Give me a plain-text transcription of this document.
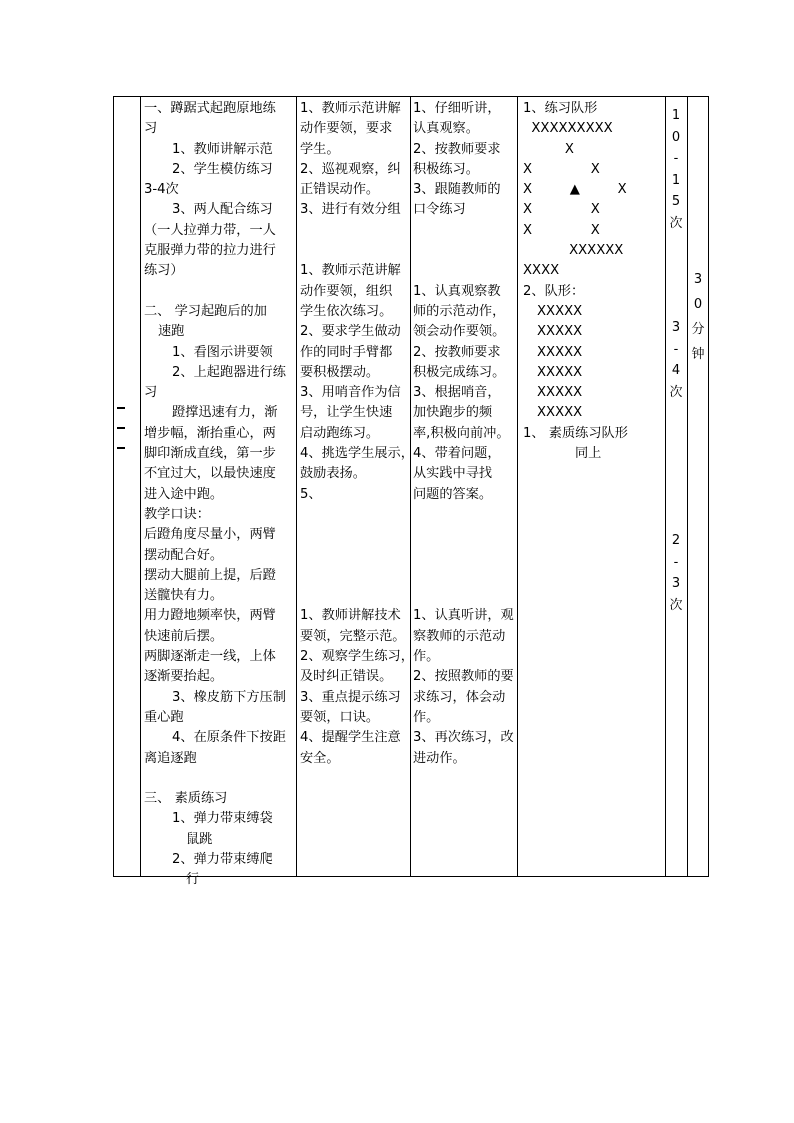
一、蹲踞式起跑原地练
习
1、教师讲解示范
2、学生模仿练习
3-4次
3、两人配合练习
（一人拉弹力带，一人
克服弹力带的拉力进行
练习）

二、 学习起跑后的加
速跑
1、看图示讲要领
2、上起跑器进行练
习
蹬撑迅速有力，渐
增步幅，渐抬重心，两
脚印渐成直线，第一步
不宜过大，以最快速度
进入途中跑。
教学口诀：
后蹬角度尽量小，两臂
摆动配合好。
摆动大腿前上提，后蹬
送髋快有力。
用力蹬地频率快，两臂
快速前后摆。
两脚逐渐走一线，上体
逐渐要抬起。
3、橡皮筋下方压制
重心跑
4、在原条件下按距
离追逐跑

三、 素质练习
1、弹力带束缚袋
鼠跳
2、弹力带束缚爬
行
1、教师示范讲解
动作要领，要求
学生。
2、巡视观察，纠
正错误动作。
3、进行有效分组

1、教师示范讲解
动作要领，组织
学生依次练习。
2、要求学生做动
作的同时手臂都
要积极摆动。
3、用哨音作为信
号，让学生快速
启动跑练习。
4、挑选学生展示，
鼓励表扬。
5、

1、教师讲解技术
要领，完整示范。
2、观察学生练习，
及时纠正错误。
3、重点提示练习
要领，口诀。
4、提醒学生注意
安全。
1、仔细听讲，
认真观察。
2、按教师要求
积极练习。
3、跟随教师的
口令练习

1、认真观察教
师的示范动作，
领会动作要领。
2、按教师要求
积极完成练习。
3、根据哨音，
加快跑步的频
率,积极向前冲。
4、带着问题，
从实践中寻找
问题的答案。

1、认真听讲，观
察教师的示范动
作。
2、按照教师的要
求练习，体会动
作。
3、再次练习，改
进动作。
1、练习队形
XXXXXXXXX
X
X              X
X         ▲         X
X              X
X              X
XXXXXX
XXXX
2、队形：
XXXXX
XXXXX
XXXXX
XXXXX
XXXXX
XXXXX
1、 素质练习队形
同上
1
0
-
1
5
次
3
-
4
次
2
-
3
次
3
0
分
钟
